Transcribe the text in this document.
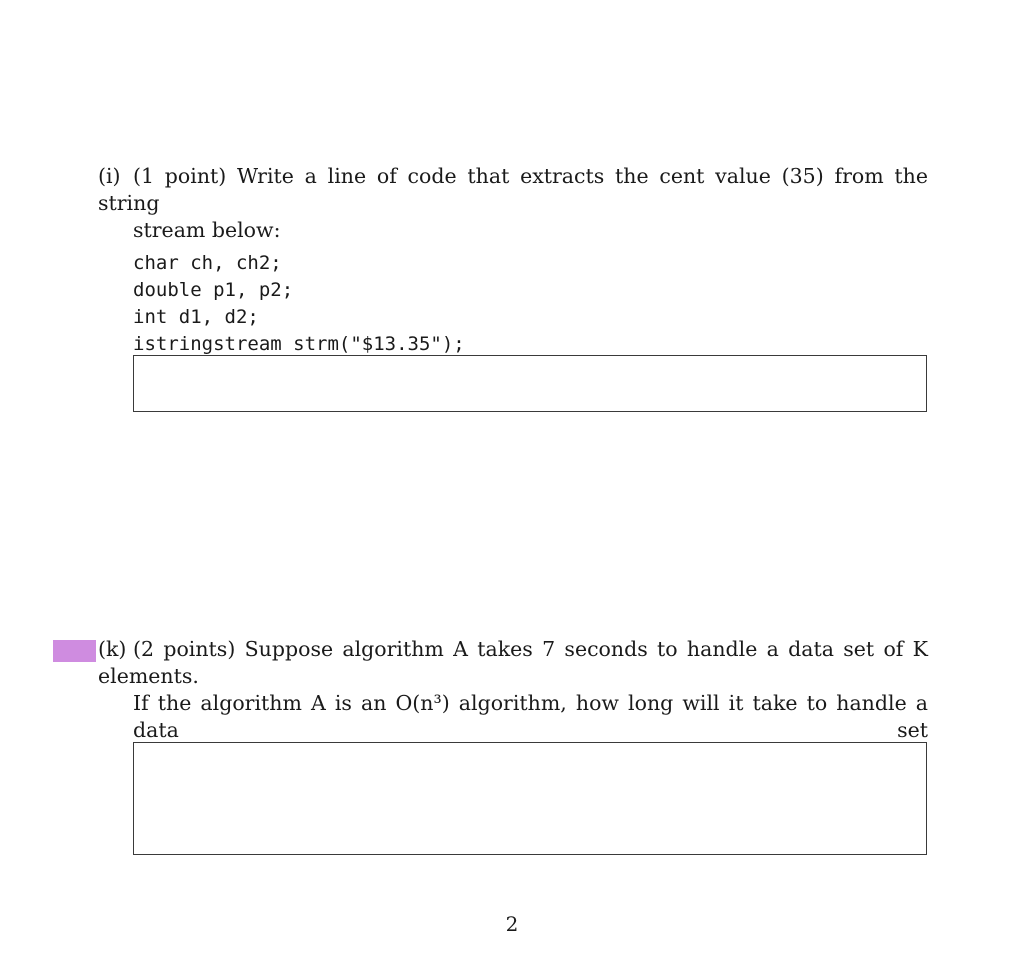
(i) (1 point) Write a line of code that extracts the cent value (35) from the string
stream below:
char ch, ch2;
double p1, p2;
int d1, d2;
istringstream strm("$13.35");
(k) (2 points) Suppose algorithm A takes 7 seconds to handle a data set of K elements.
If the algorithm A is an O(n³) algorithm, how long will it take to handle a data set
2
